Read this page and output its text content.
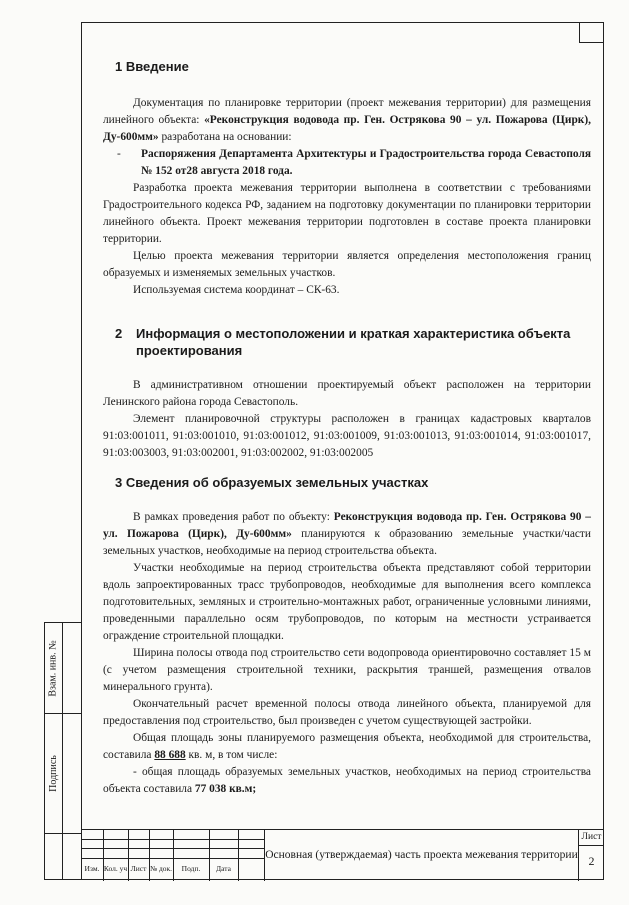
Взам. инв. №
Подпись
1 Введение

Документация по планировке территории (проект межевания территории) для размещения линейного объекта: «Реконструкция водовода пр. Ген. Острякова 90 – ул. Пожарова (Цирк), Ду-600мм» разработана на основании:

-	Распоряжения Департамента Архитектуры и Градостроительства города Севастополя № 152 от28 августа 2018 года.

Разработка проекта межевания территории выполнена в соответствии с требованиями Градостроительного кодекса РФ, заданием на подготовку документации по планировки территории линейного объекта. Проект межевания территории подготовлен в составе проекта планировки территории.

Целью проекта межевания территории является определения местоположения границ образуемых и изменяемых земельных участков.

Используемая система координат – СК-63.

2	Информация о местоположении и краткая характеристика объекта проектирования

В административном отношении проектируемый объект расположен на территории Ленинского района города Севастополь.

Элемент планировочной структуры расположен в границах кадастровых кварталов 91:03:001011, 91:03:001010, 91:03:001012, 91:03:001009, 91:03:001013, 91:03:001014, 91:03:001017, 91:03:003003, 91:03:002001, 91:03:002002, 91:03:002005

3 Сведения об образуемых земельных участках

В рамках проведения работ по объекту: Реконструкция водовода пр. Ген. Острякова 90 – ул. Пожарова (Цирк), Ду-600мм» планируются к образованию земельные участки/части земельных участков, необходимые на период строительства объекта.

Участки необходимые на период строительства объекта представляют собой территории вдоль запроектированных трасс трубопроводов, необходимые для выполнения всего комплекса подготовительных, земляных и строительно-монтажных работ, ограниченные условными линиями, проведенными параллельно осям трубопроводов, по которым на местности устраивается ограждение строительной площадки.

Ширина полосы отвода под строительство сети водопровода ориентировочно составляет 15 м (с учетом размещения строительной техники, раскрытия траншей, размещения отвалов минерального грунта).

Окончательный расчет временной полосы отвода линейного объекта, планируемой для предоставления под строительство, был произведен с учетом существующей застройки.

Общая площадь зоны планируемого размещения объекта, необходимой для строительства, составила 88 688 кв. м, в том числе:

- общая площадь образуемых земельных участков, необходимых на период строительства объекта составила 77 038 кв.м;

Изм. Кол. уч Лист № док.	Подп.	Дата
Основная (утверждаемая) часть проекта межевания территории
Лист
2
